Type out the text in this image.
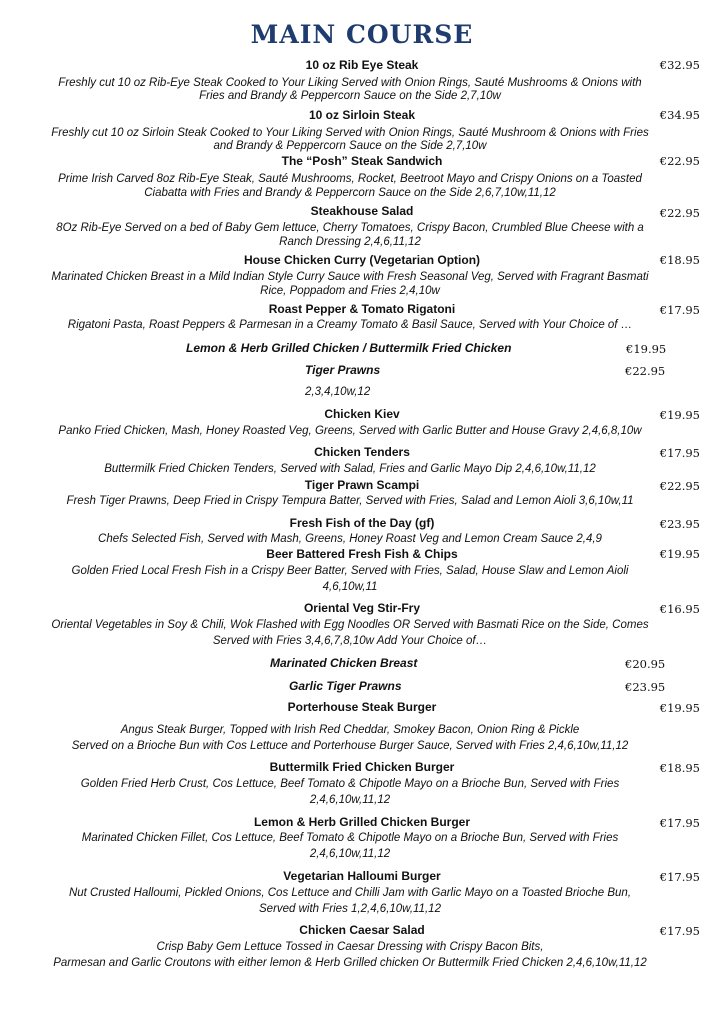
MAIN COURSE
10 oz Rib Eye Steak	€32.95
Freshly cut 10 oz Rib-Eye Steak Cooked to Your Liking Served with Onion Rings, Sauté Mushrooms & Onions with
Fries and Brandy & Peppercorn Sauce on the Side 2,7,10w
10 oz Sirloin Steak	€34.95
Freshly cut 10 oz Sirloin Steak Cooked to Your Liking Served with Onion Rings, Sauté Mushroom & Onions with Fries
and Brandy & Peppercorn Sauce on the Side 2,7,10w
The “Posh” Steak Sandwich	€22.95
Prime Irish Carved 8oz Rib-Eye Steak, Sauté Mushrooms, Rocket, Beetroot Mayo and Crispy Onions on a Toasted
Ciabatta with Fries and Brandy & Peppercorn Sauce on the Side 2,6,7,10w,11,12
Steakhouse Salad	€22.95
8Oz Rib-Eye Served on a bed of Baby Gem lettuce, Cherry Tomatoes, Crispy Bacon, Crumbled Blue Cheese with a
Ranch Dressing 2,4,6,11,12
House Chicken Curry (Vegetarian Option)	€18.95
Marinated Chicken Breast in a Mild Indian Style Curry Sauce with Fresh Seasonal Veg, Served with Fragrant Basmati
Rice, Poppadom and Fries 2,4,10w
Roast Pepper & Tomato Rigatoni	€17.95
Rigatoni Pasta, Roast Peppers & Parmesan in a Creamy Tomato & Basil Sauce, Served with Your Choice of …
Lemon & Herb Grilled Chicken / Buttermilk Fried Chicken	€19.95
Tiger Prawns	€22.95
2,3,4,10w,12
Chicken Kiev	€19.95
Panko Fried Chicken, Mash, Honey Roasted Veg, Greens, Served with Garlic Butter and House Gravy 2,4,6,8,10w
Chicken Tenders	€17.95
Buttermilk Fried Chicken Tenders, Served with Salad, Fries and Garlic Mayo Dip 2,4,6,10w,11,12
Tiger Prawn Scampi	€22.95
Fresh Tiger Prawns, Deep Fried in Crispy Tempura Batter, Served with Fries, Salad and Lemon Aioli 3,6,10w,11
Fresh Fish of the Day (gf)	€23.95
Chefs Selected Fish, Served with Mash, Greens, Honey Roast Veg and Lemon Cream Sauce 2,4,9
Beer Battered Fresh Fish & Chips	€19.95
Golden Fried Local Fresh Fish in a Crispy Beer Batter, Served with Fries, Salad, House Slaw and Lemon Aioli
4,6,10w,11
Oriental Veg Stir-Fry	€16.95
Oriental Vegetables in Soy & Chili, Wok Flashed with Egg Noodles OR Served with Basmati Rice on the Side, Comes
Served with Fries 3,4,6,7,8,10w Add Your Choice of…
Marinated Chicken Breast	€20.95
Garlic Tiger Prawns	€23.95
Porterhouse Steak Burger	€19.95
Angus Steak Burger, Topped with Irish Red Cheddar, Smokey Bacon, Onion Ring & Pickle
Served on a Brioche Bun with Cos Lettuce and Porterhouse Burger Sauce, Served with Fries 2,4,6,10w,11,12
Buttermilk Fried Chicken Burger	€18.95
Golden Fried Herb Crust, Cos Lettuce, Beef Tomato & Chipotle Mayo on a Brioche Bun, Served with Fries
2,4,6,10w,11,12
Lemon & Herb Grilled Chicken Burger	€17.95
Marinated Chicken Fillet, Cos Lettuce, Beef Tomato & Chipotle Mayo on a Brioche Bun, Served with Fries
2,4,6,10w,11,12
Vegetarian Halloumi Burger	€17.95
Nut Crusted Halloumi, Pickled Onions, Cos Lettuce and Chilli Jam with Garlic Mayo on a Toasted Brioche Bun,
Served with Fries 1,2,4,6,10w,11,12
Chicken Caesar Salad	€17.95
Crisp Baby Gem Lettuce Tossed in Caesar Dressing with Crispy Bacon Bits,
Parmesan and Garlic Croutons with either lemon & Herb Grilled chicken Or Buttermilk Fried Chicken 2,4,6,10w,11,12
